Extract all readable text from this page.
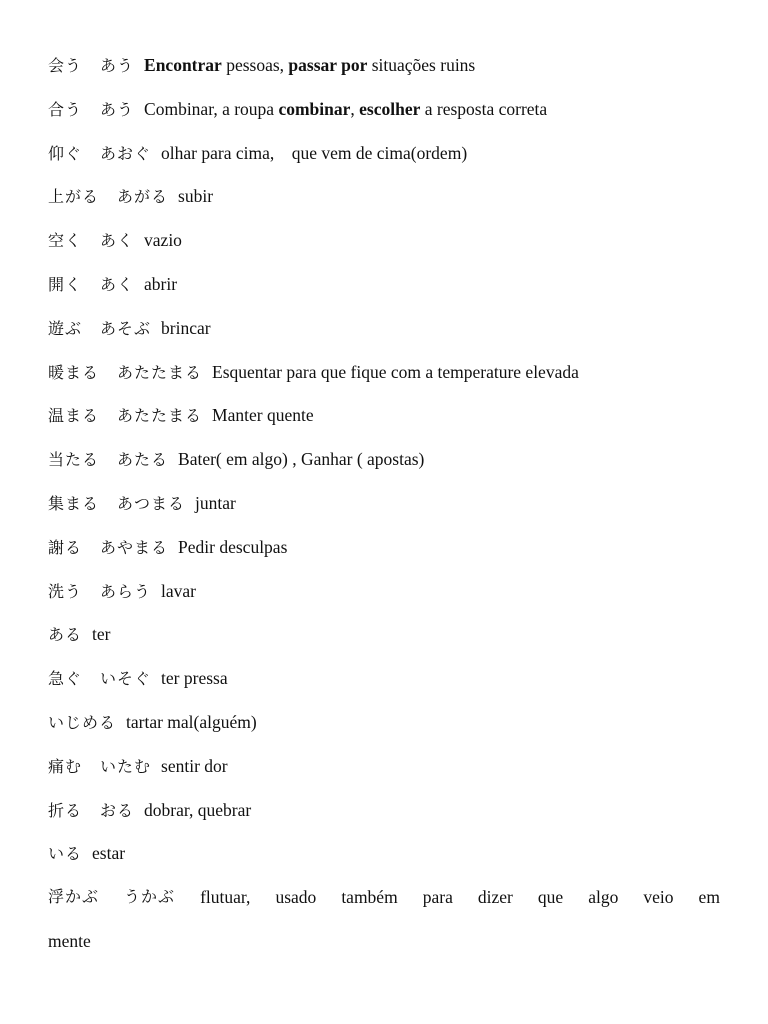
会う あう Encontrar pessoas, passar por situações ruins
合う あう Combinar, a roupa combinar, escolher a resposta correta
仰ぐ あおぐ olhar para cima,　que vem de cima(ordem)
上がる あがる subir
空く あく vazio
開く あく abrir
遊ぶ あそぶ brincar
暖まる あたたまる Esquentar para que fique com a temperature elevada
温まる あたたまる Manter quente
当たる あたる Bater( em algo) , Ganhar ( apostas)
集まる あつまる juntar
謝る あやまる Pedir desculpas
洗う あらう lavar
ある ter
急ぐ いそぐ ter pressa
いじめる tartar mal(alguém)
痛む いたむ sentir dor
折る おる dobrar, quebrar
いる estar
浮かぶ うかぶ flutuar, usado também para dizer que algo veio em
mente
